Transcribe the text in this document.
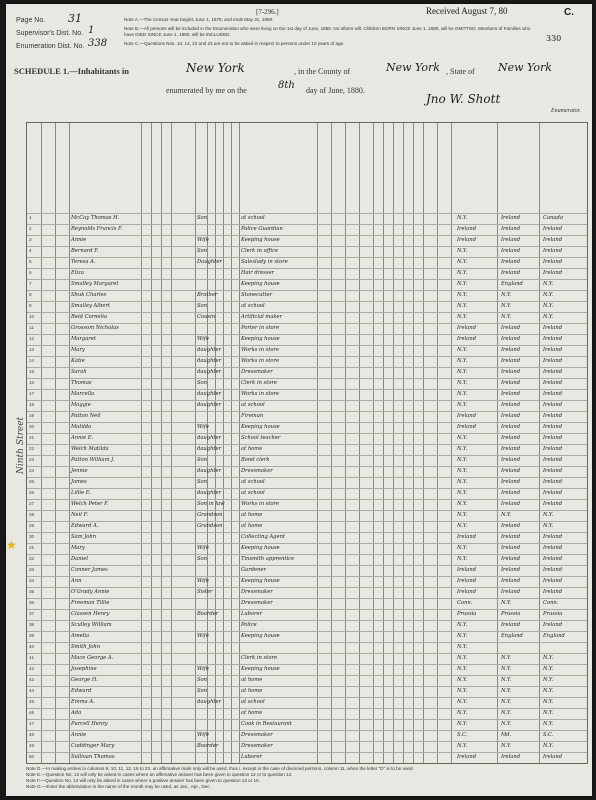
[7-296.]	Received August 7, 80	C.
330
Page No. 31
Supervisor's Dist. No. 1
Enumeration Dist. No. 338
Note A.—The Census Year begins June 1, 1879, and ends May 31, 1880.
Note B.—All persons will be included in the Enumeration who were living on the 1st day of June, 1880. No others will. Children BORN SINCE June 1, 1880, will be OMITTED. Members of Families who have DIED SINCE June 1, 1880, will be INCLUDED.
Note C.—Questions Nos. 13, 14, 22 and 23 are not to be asked in respect to persons under 10 years of age.
SCHEDULE 1.—Inhabitants in	New York	, in the County of	New York , State of New York
enumerated by me on the	8th day of June, 1880.
Jno W. Shott
Enumerator.
1	McCay Thomas H.	Son	at school	N.Y.	Ireland	Canada
2	Reynolds Francis F.	Police Guardian	Ireland	Ireland	Ireland
3	Annie	Wife	Keeping house	Ireland	Ireland	Ireland
4	Bernard F.	Son	Clerk in office	N.Y.	Ireland	Ireland
5	Teresa A.	Daughter	Saleslady in store	N.Y.	Ireland	Ireland
6	Eliza	Hair dresser	N.Y.	Ireland	Ireland
7	Smalley Margaret	Keeping house	N.Y.	England	N.Y.
8	Shuk Charles	Brother	Stonecutter	N.Y.	N.Y.	N.Y.
9	Smalley Albert	Son	at school	N.Y.	N.Y.	N.Y.
10	Reid Cornelia	Cousin	Artificial maker	N.Y.	N.Y.	N.Y.
11	Grossom Nicholas	Porter in store	Ireland	Ireland	Ireland
12	Margaret	Wife	Keeping house	Ireland	Ireland	Ireland
13	Mary	daughter	Works in store	N.Y.	Ireland	Ireland
14	Katie	daughter	Works in store	N.Y.	Ireland	Ireland
15	Sarah	daughter	Dressmaker	N.Y.	Ireland	Ireland
16	Thomas	Son	Clerk in store	N.Y.	Ireland	Ireland
17	Marcella	daughter	Works in store	N.Y.	Ireland	Ireland
18	Maggie	daughter	at school	N.Y.	Ireland	Ireland
19	Patton Neil	Fireman	Ireland	Ireland	Ireland
20	Matilda	Wife	Keeping house	Ireland	Ireland	Ireland
21	Annie E.	daughter	School teacher	N.Y.	Ireland	Ireland
22	Welch Matilda	daughter	at home	N.Y.	Ireland	Ireland
23	Patton William J.	Son	Bond clerk	N.Y.	Ireland	Ireland
24	Jennie	daughter	Dressmaker	N.Y.	Ireland	Ireland
25	James	Son	at school	N.Y.	Ireland	Ireland
26	Lillie E.	daughter	at school	N.Y.	Ireland	Ireland
27	Welch Peter F.	Son in law	Works in store	N.Y.	Ireland	Ireland
28	Neil F.	Grandson	at home	N.Y.	N.Y.	N.Y.
29	Edward A.	Grandson	at home	N.Y.	Ireland	N.Y.
30	Sam John	Collecting Agent	Ireland	Ireland	Ireland
31	Mary	Wife	Keeping house	N.Y.	Ireland	Ireland
32	Daniel	Son	Tinsmith apprentice	N.Y.	Ireland	Ireland
33	Conner James	Gardener	Ireland	Ireland	Ireland
34	Ann	Wife	Keeping house	Ireland	Ireland	Ireland
35	O'Grady Annie	Sister	Dressmaker	Ireland	Ireland	Ireland
36	Freeman Tillie	Dressmaker	Conn.	N.Y.	Conn.
37	Classen Henry	Boarder	Laborer	Prussia	Prussia	Prussia
38	Sculley William	Police	N.Y.	Ireland	Ireland
39	Amelia	Wife	Keeping house	N.Y.	England	England
40	Smith John	N.Y.
41	Mace George A.	Clerk in store	N.Y.	N.Y.	N.Y.
42	Josephine	Wife	Keeping house	N.Y.	N.Y.	N.Y.
43	George H.	Son	at home	N.Y.	N.Y.	N.Y.
44	Edward	Son	at home	N.Y.	N.Y.	N.Y.
45	Emma A.	daughter	at school	N.Y.	N.Y.	N.Y.
46	Ada	at home	N.Y.	N.Y.	N.Y.
47	Purcell Henry	Cook in Restaurant	N.Y.	N.Y.	N.Y.
48	Annie	Wife	Dressmaker	S.C.	Md.	S.C.
49	Cuddinger Mary	Boarder	Dressmaker	N.Y.	N.Y.	N.Y.
50	Sullivan Thomas	Laborer	Ireland	Ireland	Ireland
Ninth Street
★
Note D.—In making entries in columns 9, 10, 11, 12, 16 to 23, an affirmative mark only will be used, thus /, except in the case of divorced persons, column 11, when the letter "D" is to be used.
Note E.—Question No. 13 will only be asked in cases where an affirmative answer has been given to question 12 or to question 13.
Note F.—Question No. 14 will only be asked in cases where a positive answer has been given to question 13 or 15.
Note G.—Enter the abbreviation in the name of the month may be used, as Jan., Apr., Dec.
